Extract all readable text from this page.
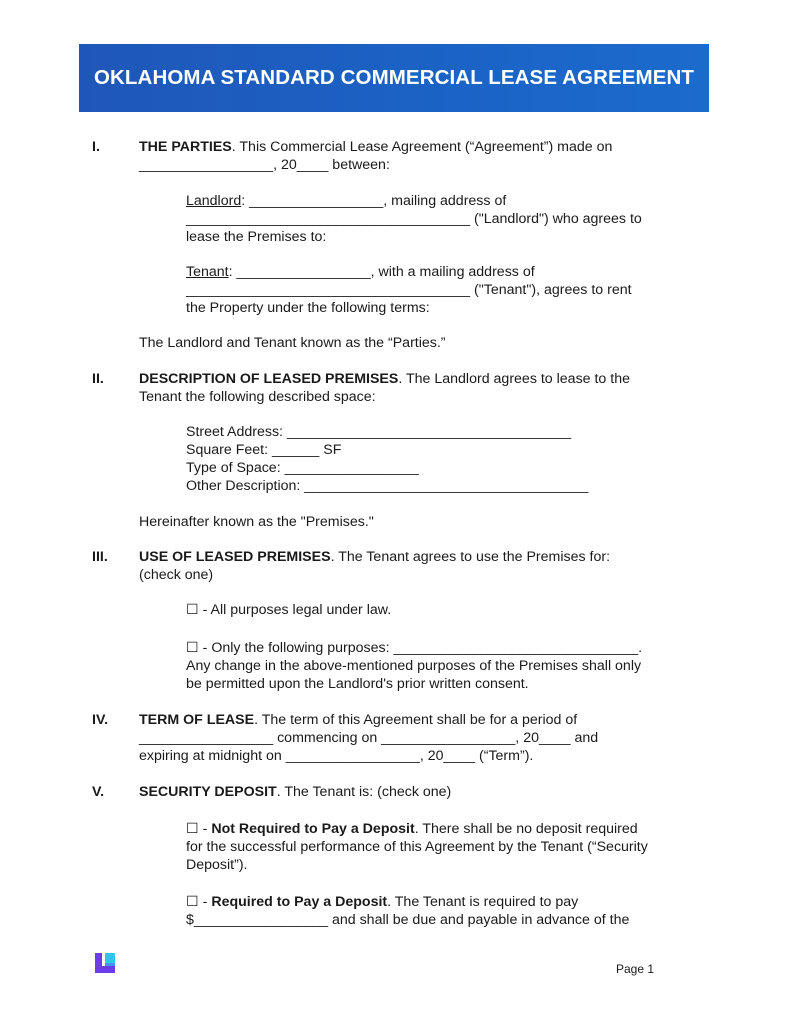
OKLAHOMA STANDARD COMMERCIAL LEASE AGREEMENT
I.	THE PARTIES. This Commercial Lease Agreement (“Agreement”) made on
_________________, 20____ between:
Landlord: _________________, mailing address of
____________________________________ ("Landlord") who agrees to
lease the Premises to:
Tenant: _________________, with a mailing address of
____________________________________ ("Tenant"), agrees to rent
the Property under the following terms:
The Landlord and Tenant known as the “Parties.”
II. DESCRIPTION OF LEASED PREMISES. The Landlord agrees to lease to the
Tenant the following described space:
Street Address: ____________________________________
Square Feet: ______ SF
Type of Space: _________________
Other Description: ____________________________________
Hereinafter known as the "Premises."
III. USE OF LEASED PREMISES. The Tenant agrees to use the Premises for:
(check one)
☐ - All purposes legal under law.
☐ - Only the following purposes: _______________________________.
Any change in the above-mentioned purposes of the Premises shall only
be permitted upon the Landlord's prior written consent.
IV. TERM OF LEASE. The term of this Agreement shall be for a period of
_________________ commencing on _________________, 20____ and
expiring at midnight on _________________, 20____ (“Term”).
V. SECURITY DEPOSIT. The Tenant is: (check one)
☐ - Not Required to Pay a Deposit. There shall be no deposit required
for the successful performance of this Agreement by the Tenant (“Security
Deposit”).
☐ - Required to Pay a Deposit. The Tenant is required to pay
$_________________ and shall be due and payable in advance of the
Page 1
